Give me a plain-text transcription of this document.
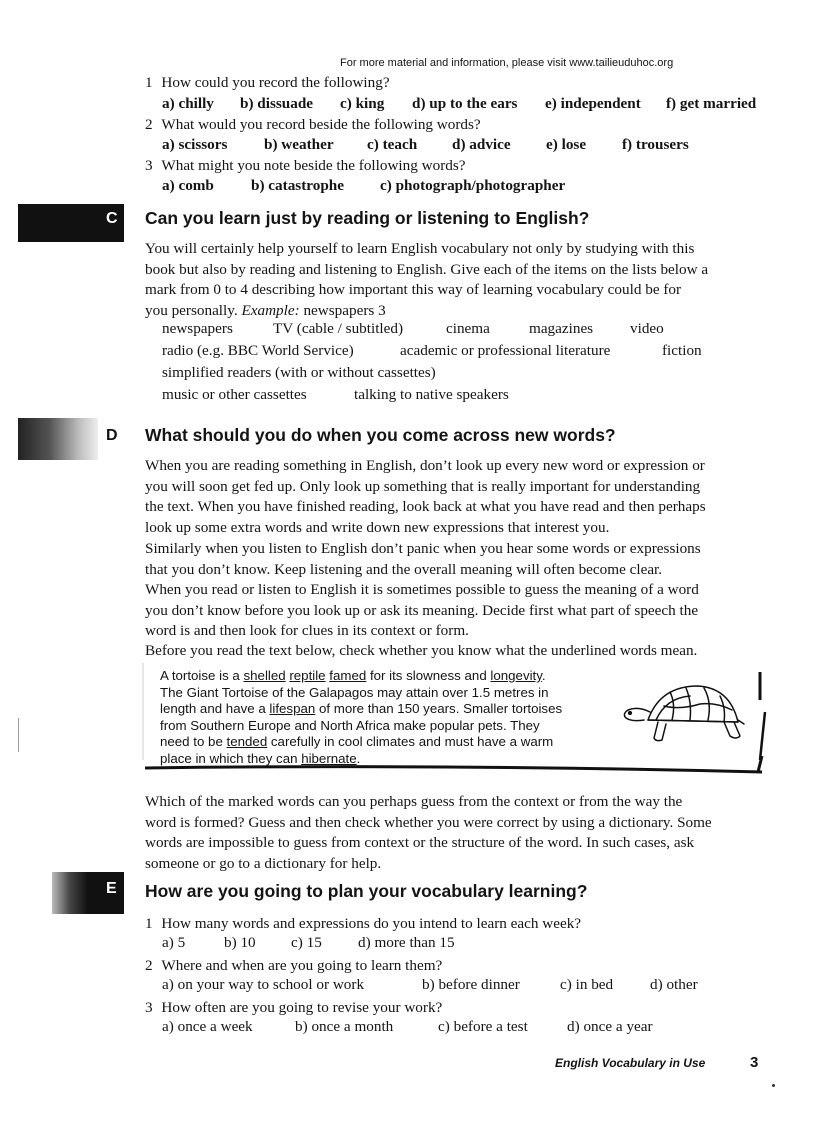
For more material and information, please visit www.tailieuduhoc.org
1 How could you record the following?
a) chilly b) dissuade c) king d) up to the ears e) independent f) get married
2 What would you record beside the following words?
a) scissors b) weather c) teach d) advice e) lose f) trousers
3 What might you note beside the following words?
a) comb b) catastrophe c) photograph/photographer
C Can you learn just by reading or listening to English?
You will certainly help yourself to learn English vocabulary not only by studying with this
book but also by reading and listening to English. Give each of the items on the lists below a
mark from 0 to 4 describing how important this way of learning vocabulary could be for
you personally. Example: newspapers 3
newspapers	TV (cable / subtitled)	cinema	magazines video
radio (e.g. BBC World Service)	academic or professional literature	fiction
simplified readers (with or without cassettes)
music or other cassettes	talking to native speakers
D What should you do when you come across new words?
When you are reading something in English, don’t look up every new word or expression or
you will soon get fed up. Only look up something that is really important for understanding
the text. When you have finished reading, look back at what you have read and then perhaps
look up some extra words and write down new expressions that interest you.
Similarly when you listen to English don’t panic when you hear some words or expressions
that you don’t know. Keep listening and the overall meaning will often become clear.
When you read or listen to English it is sometimes possible to guess the meaning of a word
you don’t know before you look up or ask its meaning. Decide first what part of speech the
word is and then look for clues in its context or form.
Before you read the text below, check whether you know what the underlined words mean.
A tortoise is a shelled reptile famed for its slowness and longevity.
The Giant Tortoise of the Galapagos may attain over 1.5 metres in
length and have a lifespan of more than 150 years. Smaller tortoises
from Southern Europe and North Africa make popular pets. They
need to be tended carefully in cool climates and must have a warm
place in which they can hibernate.
Which of the marked words can you perhaps guess from the context or from the way the
word is formed? Guess and then check whether you were correct by using a dictionary. Some
words are impossible to guess from context or the structure of the word. In such cases, ask
someone or go to a dictionary for help.
E How are you going to plan your vocabulary learning?
1 How many words and expressions do you intend to learn each week?
a) 5	b) 10 c) 15 d) more than 15
2 Where and when are you going to learn them?
a) on your way to school or work	b) before dinner	c) in bed d) other
3 How often are you going to revise your work?
a) once a week	b) once a month	c) before a test	d) once a year
English Vocabulary in Use	3
